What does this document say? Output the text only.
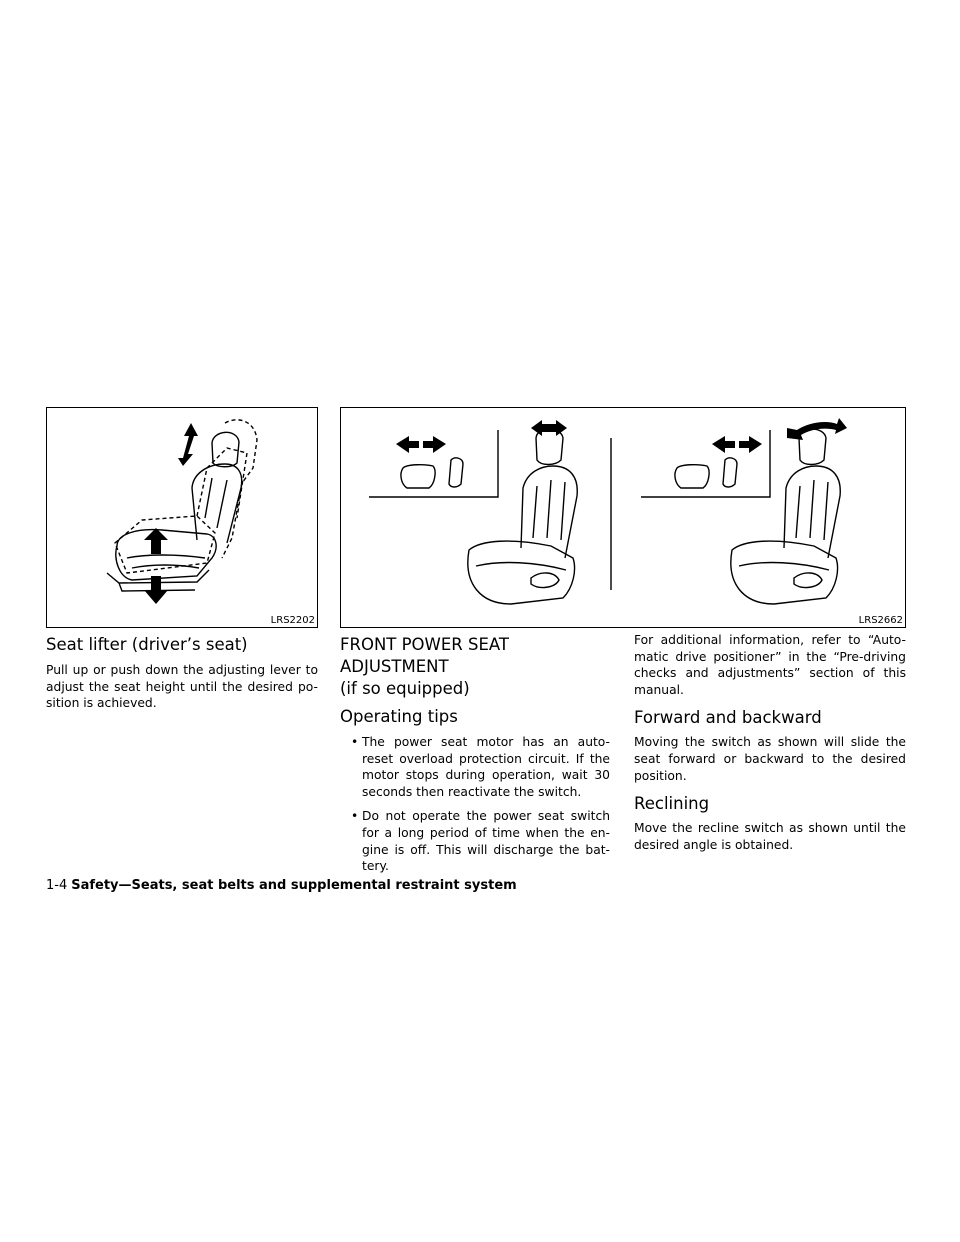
LRS2202	LRS2662
Seat lifter (driver’s seat)

Pull up or push down the adjusting lever to adjust the seat height until the desired po-sition is achieved.

FRONT POWER SEAT ADJUSTMENT
(if so equipped)
Operating tips
• The power seat motor has an auto-reset overload protection circuit. If the motor stops during operation, wait 30 seconds then reactivate the switch.
• Do not operate the power seat switch for a long period of time when the en-gine is off. This will discharge the bat-tery.

For additional information, refer to “Auto-matic drive positioner” in the “Pre-driving checks and adjustments” section of this manual.

Forward and backward

Moving the switch as shown will slide the seat forward or backward to the desired position.

Reclining

Move the recline switch as shown until the desired angle is obtained.

1-4 Safety—Seats, seat belts and supplemental restraint system
